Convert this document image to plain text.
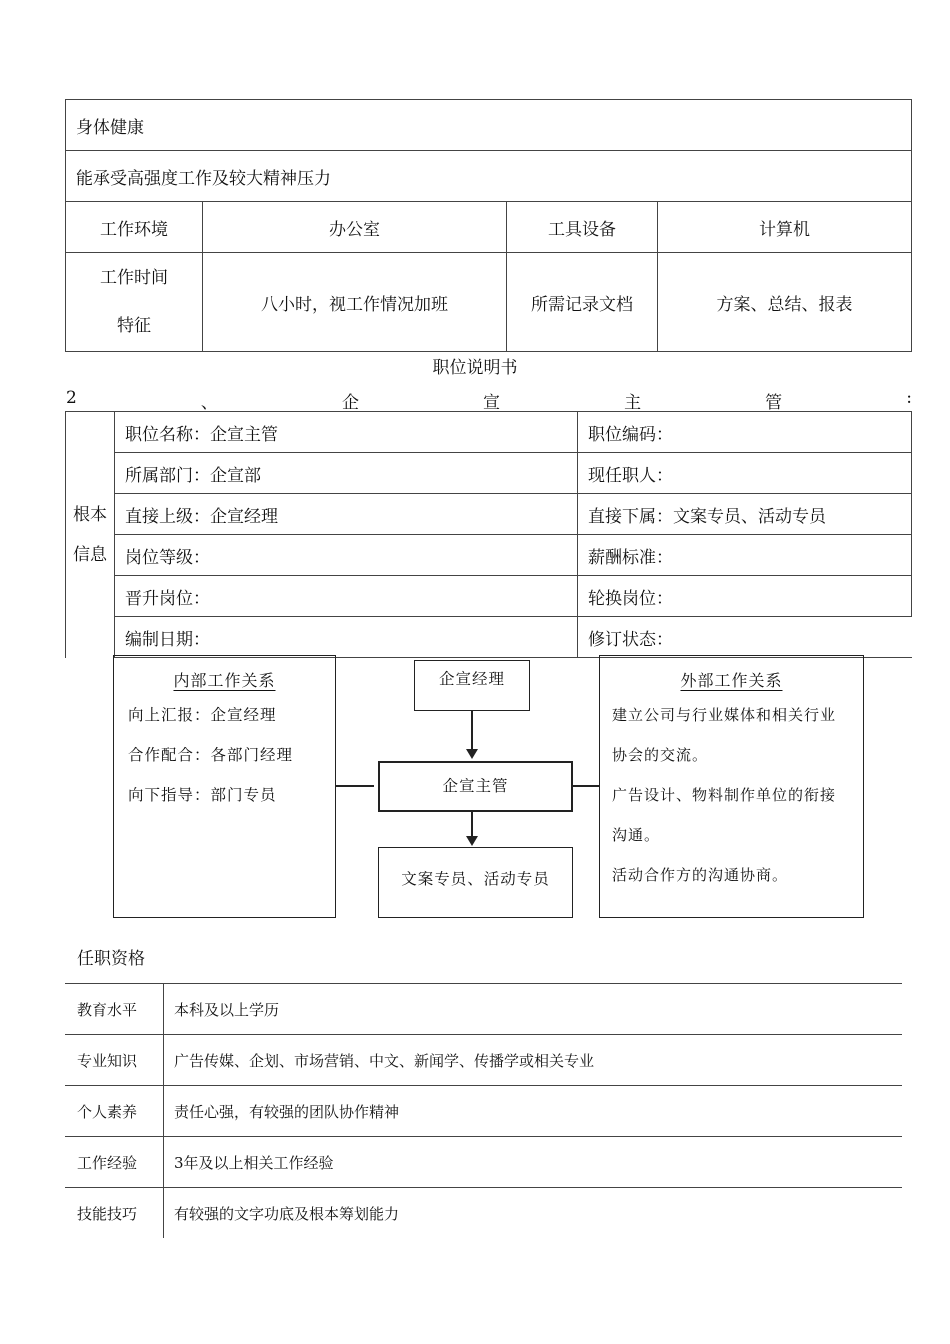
身体健康			
能承受高强度工作及较大精神压力			
工作环境	办公室	工具设备	计算机

工作时间
特征	八小时，视工作情况加班	所需记录文档	方案、总结、报表
职位说明书
2	、	企	宣	主	管	:
根本
信息	职位名称：企宣主管	职位编码：
	所属部门：企宣部	现任职人：
	直接上级：企宣经理	直接下属：文案专员、活动专员
	岗位等级：	薪酬标准：
	晋升岗位：	轮换岗位：
	编制日期：	修订状态：
内部工作关系
向上汇报：企宣经理
合作配合：各部门经理
向下指导：部门专员
企宣经理
企宣主管
文案专员、活动专员
外部工作关系
建立公司与行业媒体和相关行业
协会的交流。
广告设计、物料制作单位的衔接
沟通。
活动合作方的沟通协商。
任职资格
教育水平	本科及以上学历
专业知识	广告传媒、企划、市场营销、中文、新闻学、传播学或相关专业
个人素养	责任心强，有较强的团队协作精神
工作经验	3年及以上相关工作经验
技能技巧	有较强的文字功底及根本筹划能力
